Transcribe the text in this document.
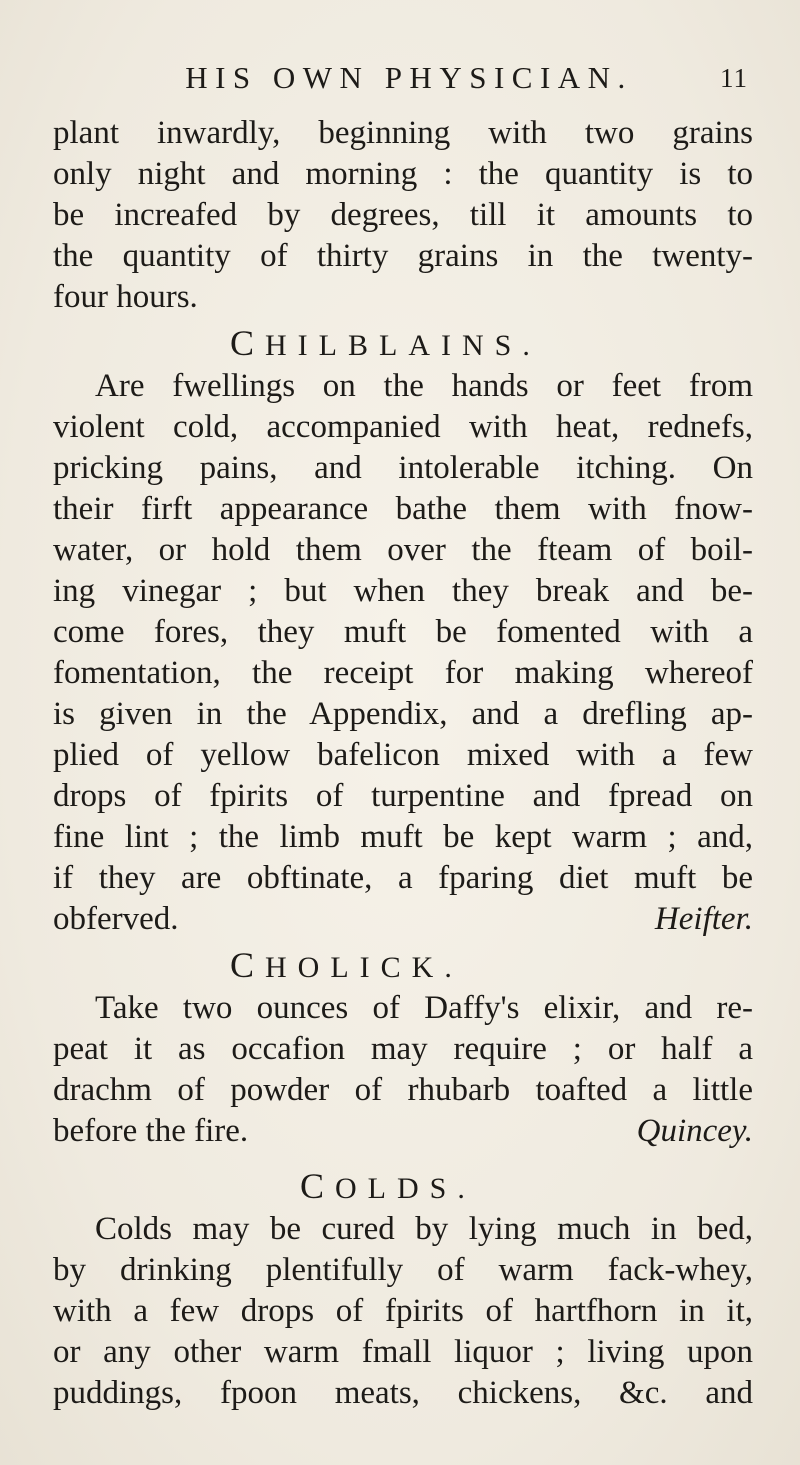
HIS OWN PHYSICIAN.	11
plant inwardly, beginning with two grains
only night and morning : the quantity is to
be increafed by degrees, till it amounts to
the quantity of thirty grains in the twenty-
four hours.
CHILBLAINS.
Are fwellings on the hands or feet from
violent cold, accompanied with heat, rednefs,
pricking pains, and intolerable itching. On
their firft appearance bathe them with fnow-
water, or hold them over the fteam of boil-
ing vinegar ; but when they break and be-
come fores, they muft be fomented with a
fomentation, the receipt for making whereof
is given in the Appendix, and a drefling ap-
plied of yellow bafelicon mixed with a few
drops of fpirits of turpentine and fpread on
fine lint ; the limb muft be kept warm ; and,
if they are obftinate, a fparing diet muft be
obferved.	Heifter.
CHOLICK.
Take two ounces of Daffy's elixir, and re-
peat it as occafion may require ; or half a
drachm of powder of rhubarb toafted a little
before the fire.	Quincey.
COLDS.
Colds may be cured by lying much in bed,
by drinking plentifully of warm fack-whey,
with a few drops of fpirits of hartfhorn in it,
or any other warm fmall liquor ; living upon
puddings, fpoon meats, chickens, &c. and
